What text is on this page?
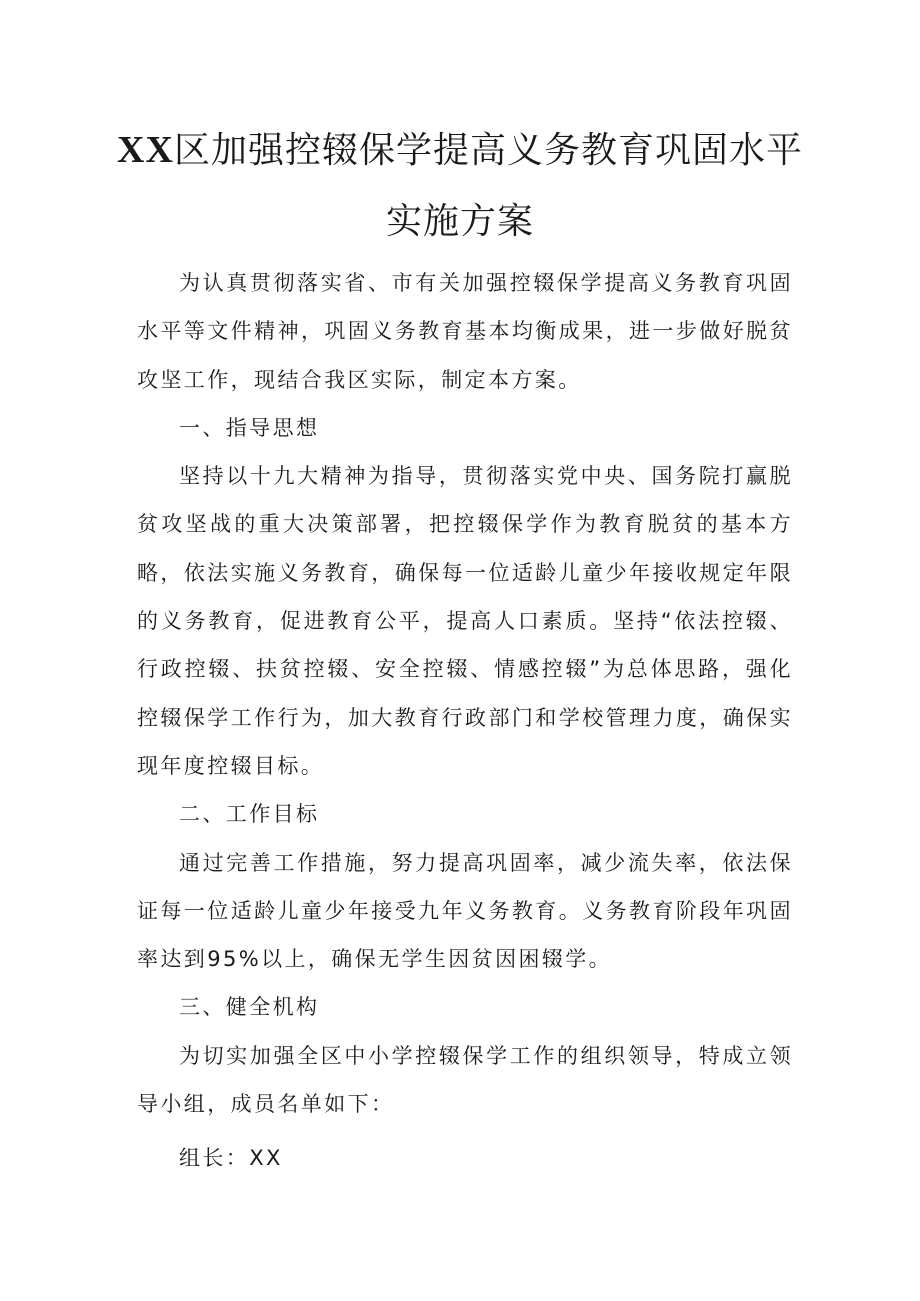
XX区加强控辍保学提高义务教育巩固水平
实施方案

为认真贯彻落实省、市有关加强控辍保学提高义务教育巩固水平等文件精神，巩固义务教育基本均衡成果，进一步做好脱贫攻坚工作，现结合我区实际，制定本方案。

一、指导思想

坚持以十九大精神为指导，贯彻落实党中央、国务院打赢脱贫攻坚战的重大决策部署，把控辍保学作为教育脱贫的基本方略，依法实施义务教育，确保每一位适龄儿童少年接收规定年限的义务教育，促进教育公平，提高人口素质。坚持“依法控辍、行政控辍、扶贫控辍、安全控辍、情感控辍”为总体思路，强化控辍保学工作行为，加大教育行政部门和学校管理力度，确保实现年度控辍目标。

二、工作目标

通过完善工作措施，努力提高巩固率，减少流失率，依法保证每一位适龄儿童少年接受九年义务教育。义务教育阶段年巩固率达到95%以上，确保无学生因贫因困辍学。

三、健全机构

为切实加强全区中小学控辍保学工作的组织领导，特成立领导小组，成员名单如下：

组长：XX
